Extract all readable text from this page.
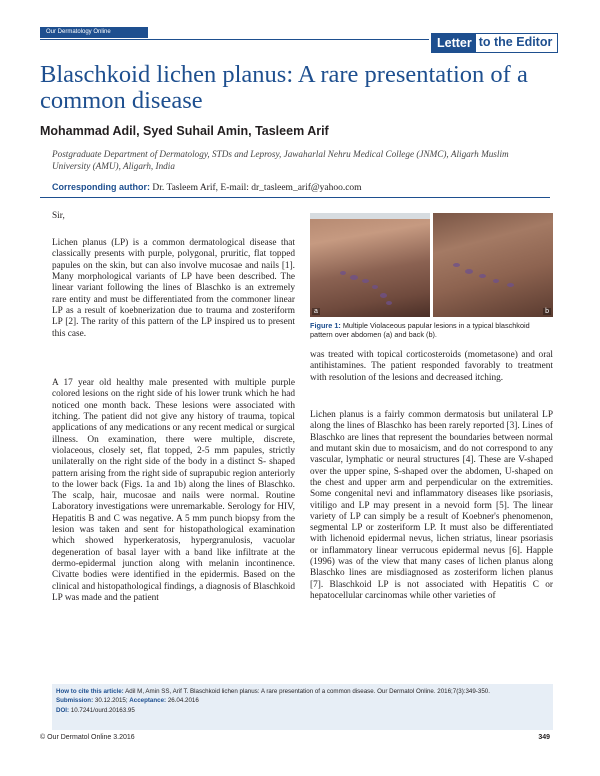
Our Dermatology Online
Letter to the Editor
Blaschkoid lichen planus: A rare presentation of a
common disease
Mohammad Adil, Syed Suhail Amin, Tasleem Arif
Postgraduate Department of Dermatology, STDs and Leprosy, Jawaharlal Nehru Medical College (JNMC), Aligarh Muslim
University (AMU), Aligarh, India
Corresponding author: Dr. Tasleem Arif, E-mail: dr_tasleem_arif@yahoo.com
Sir,
Lichen planus (LP) is a common dermatological disease that classically presents with purple, polygonal, pruritic, flat topped papules on the skin, but can also involve mucosae and nails [1]. Many morphological variants of LP have been described. The linear variant following the lines of Blaschko is an extremely rare entity and must be differentiated from the commoner linear LP as a result of koebnerization due to trauma and zosteriform LP [2]. The rarity of this pattern of the LP inspired us to present this case.
A 17 year old healthy male presented with multiple purple colored lesions on the right side of his lower trunk which he had noticed one month back. These lesions were associated with itching. The patient did not give any history of trauma, topical applications of any medications or any recent medical or surgical illness. On examination, there were multiple, discrete, violaceous, closely set, flat topped, 2-5 mm papules, strictly unilaterally on the right side of the body in a distinct S- shaped pattern arising from the right side of suprapubic region anteriorly to the lower back (Figs. 1a and 1b) along the lines of Blaschko. The scalp, hair, mucosae and nails were normal. Routine Laboratory investigations were unremarkable. Serology for HIV, Hepatitis B and C was negative. A 5 mm punch biopsy from the lesion was taken and sent for histopathological examination which showed hyperkeratosis, hypergranulosis, vacuolar degeneration of basal layer with a band like infiltrate at the dermo-epidermal junction along with melanin incontinence. Civatte bodies were identified in the epidermis. Based on the clinical and histopathological findings, a diagnosis of Blaschkoid LP was made and the patient
a	b
Figure 1: Multiple Violaceous papular lesions in a typical blaschkoid pattern over abdomen (a) and back (b).
was treated with topical corticosteroids (mometasone) and oral antihistamines. The patient responded favorably to treatment with resolution of the lesions and decreased itching.
Lichen planus is a fairly common dermatosis but unilateral LP along the lines of Blaschko has been rarely reported [3]. Lines of Blaschko are lines that represent the boundaries between normal and mutant skin due to mosaicism, and do not correspond to any vascular, lymphatic or neural structures [4]. These are V-shaped over the upper spine, S-shaped over the abdomen, U-shaped on the chest and upper arm and perpendicular on the extremities. Some congenital nevi and inflammatory diseases like psoriasis, vitiligo and LP may present in a nevoid form [5]. The linear variety of LP can simply be a result of Koebner's phenomenon, segmental LP or zosteriform LP. It must also be differentiated with lichenoid epidermal nevus, lichen striatus, linear psoriasis or inflammatory linear verrucous epidermal nevus [6]. Happle (1996) was of the view that many cases of lichen planus along Blaschko lines are misdiagnosed as zosteriform lichen planus [7]. Blaschkoid LP is not associated with Hepatitis C or hepatocellular carcinomas while other varieties of
How to cite this article: Adil M, Amin SS, Arif T. Blaschkoid lichen planus: A rare presentation of a common disease. Our Dermatol Online. 2016;7(3):349-350.
Submission: 30.12.2015; Acceptance: 26.04.2016
DOI: 10.7241/ourd.20163.95
© Our Dermatol Online 3.2016	349
